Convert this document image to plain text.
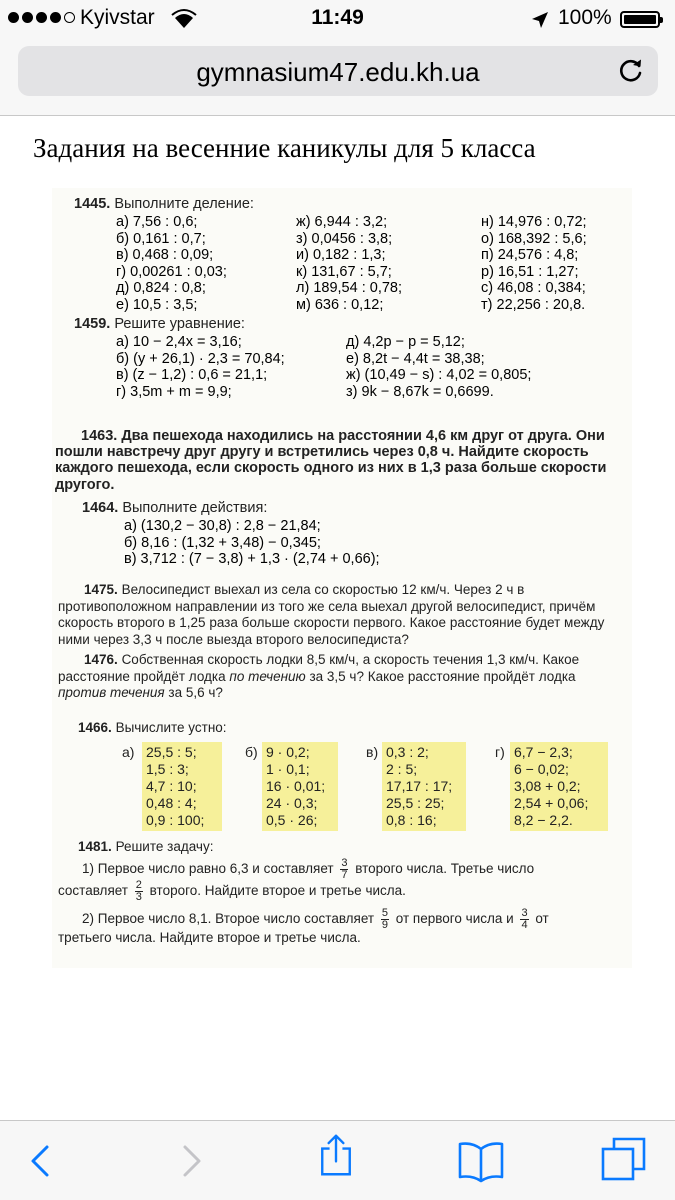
Kyivstar	11:49	100%
gymnasium47.edu.kh.ua
Задания на весенние каникулы для 5 класса
1445. Выполните деление:
а) 7,56 : 0,6;
б) 0,161 : 0,7;
в) 0,468 : 0,09;
г) 0,00261 : 0,03;
д) 0,824 : 0,8;
е) 10,5 : 3,5;
ж) 6,944 : 3,2;
з) 0,0456 : 3,8;
и) 0,182 : 1,3;
к) 131,67 : 5,7;
л) 189,54 : 0,78;
м) 636 : 0,12;
н) 14,976 : 0,72;
о) 168,392 : 5,6;
п) 24,576 : 4,8;
р) 16,51 : 1,27;
с) 46,08 : 0,384;
т) 22,256 : 20,8.
1459. Решите уравнение:
а) 10 − 2,4x = 3,16;
б) (y + 26,1) · 2,3 = 70,84;
в) (z − 1,2) : 0,6 = 21,1;
г) 3,5m + m = 9,9;
д) 4,2p − p = 5,12;
е) 8,2t − 4,4t = 38,38;
ж) (10,49 − s) : 4,02 = 0,805;
з) 9k − 8,67k = 0,6699.
1463. Два пешехода находились на расстоянии 4,6 км друг от друга. Они пошли навстречу друг другу и встретились через 0,8 ч. Найдите скорость каждого пешехода, если скорость одного из них в 1,3 раза больше скорости другого.
1464. Выполните действия:
а) (130,2 − 30,8) : 2,8 − 21,84;
б) 8,16 : (1,32 + 3,48) − 0,345;
в) 3,712 : (7 − 3,8) + 1,3 · (2,74 + 0,66);
1475. Велосипедист выехал из села со скоростью 12 км/ч. Через 2 ч в противоположном направлении из того же села выехал другой велосипедист, причём скорость второго в 1,25 раза больше скорости первого. Какое расстояние будет между ними через 3,3 ч после выезда второго велосипедиста?
1476. Собственная скорость лодки 8,5 км/ч, а скорость течения 1,3 км/ч. Какое расстояние пройдёт лодка по течению за 3,5 ч? Какое расстояние пройдёт лодка против течения за 5,6 ч?
1466. Вычислите устно:
а) 25,5 : 5;
1,5 : 3;
4,7 : 10;
0,48 : 4;
0,9 : 100;
б) 9 · 0,2;
1 · 0,1;
16 · 0,01;
24 · 0,3;
0,5 · 26;
в) 0,3 : 2;
2 : 5;
17,17 : 17;
25,5 : 25;
0,8 : 16;
г) 6,7 − 2,3;
6 − 0,02;
3,08 + 0,2;
2,54 + 0,06;
8,2 − 2,2.
1481. Решите задачу:
1) Первое число равно 6,3 и составляет $\frac{3}{7}$ второго числа. Третье число
составляет $\frac{2}{3}$ второго. Найдите второе и третье числа.
2) Первое число 8,1. Второе число составляет $\frac{5}{9}$ от первого числа и $\frac{3}{4}$ от
третьего числа. Найдите второе и третье числа.
